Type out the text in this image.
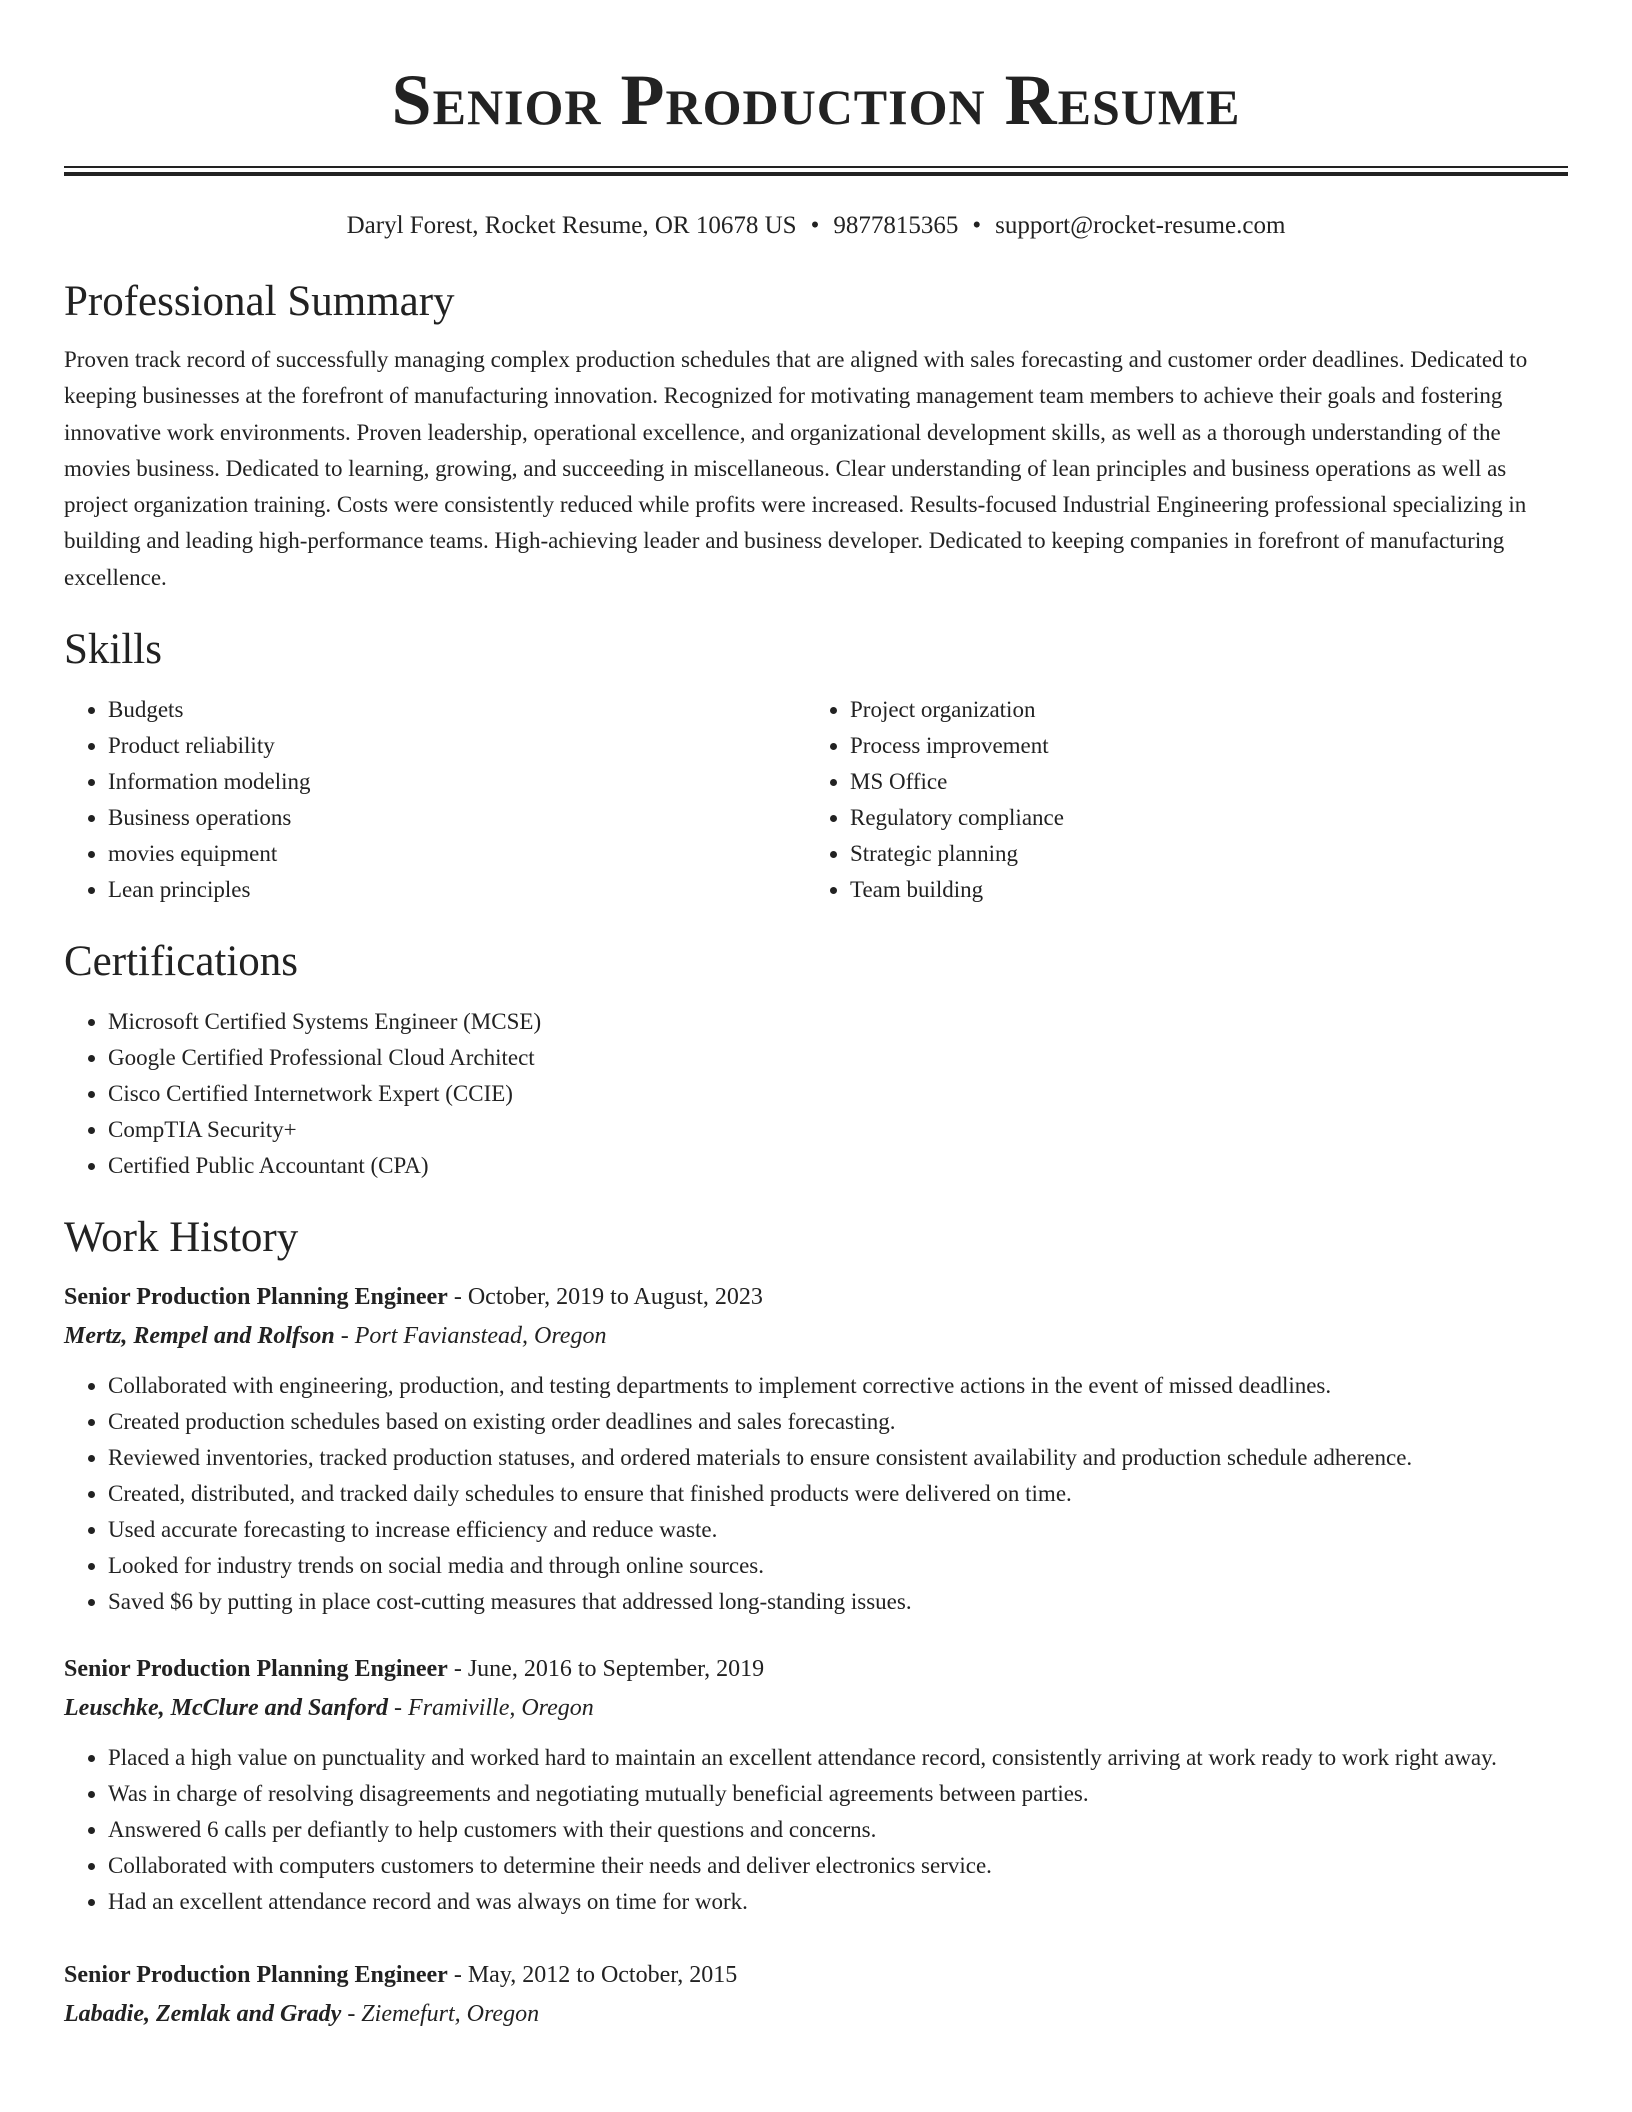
Senior Production Resume
Daryl Forest, Rocket Resume, OR 10678 US • 9877815365 • support@rocket-resume.com
Professional Summary

Proven track record of successfully managing complex production schedules that are aligned with sales forecasting and customer order deadlines. Dedicated to keeping businesses at the forefront of manufacturing innovation. Recognized for motivating management team members to achieve their goals and fostering innovative work environments. Proven leadership, operational excellence, and organizational development skills, as well as a thorough understanding of the movies business. Dedicated to learning, growing, and succeeding in miscellaneous. Clear understanding of lean principles and business operations as well as project organization training. Costs were consistently reduced while profits were increased. Results-focused Industrial Engineering professional specializing in building and leading high-performance teams. High-achieving leader and business developer. Dedicated to keeping companies in forefront of manufacturing excellence.

Skills
• Budgets
• Product reliability
• Information modeling
• Business operations
• movies equipment
• Lean principles
• Project organization
• Process improvement
• MS Office
• Regulatory compliance
• Strategic planning
• Team building
Certifications
• Microsoft Certified Systems Engineer (MCSE)
• Google Certified Professional Cloud Architect
• Cisco Certified Internetwork Expert (CCIE)
• CompTIA Security+
• Certified Public Accountant (CPA)
Work History
Senior Production Planning Engineer - October, 2019 to August, 2023
Mertz, Rempel and Rolfson - Port Favianstead, Oregon
• Collaborated with engineering, production, and testing departments to implement corrective actions in the event of missed deadlines.
• Created production schedules based on existing order deadlines and sales forecasting.
• Reviewed inventories, tracked production statuses, and ordered materials to ensure consistent availability and production schedule adherence.
• Created, distributed, and tracked daily schedules to ensure that finished products were delivered on time.
• Used accurate forecasting to increase efficiency and reduce waste.
• Looked for industry trends on social media and through online sources.
• Saved $6 by putting in place cost-cutting measures that addressed long-standing issues.
Senior Production Planning Engineer - June, 2016 to September, 2019
Leuschke, McClure and Sanford - Framiville, Oregon
• Placed a high value on punctuality and worked hard to maintain an excellent attendance record, consistently arriving at work ready to work right away.
• Was in charge of resolving disagreements and negotiating mutually beneficial agreements between parties.
• Answered 6 calls per defiantly to help customers with their questions and concerns.
• Collaborated with computers customers to determine their needs and deliver electronics service.
• Had an excellent attendance record and was always on time for work.
Senior Production Planning Engineer - May, 2012 to October, 2015
Labadie, Zemlak and Grady - Ziemefurt, Oregon
